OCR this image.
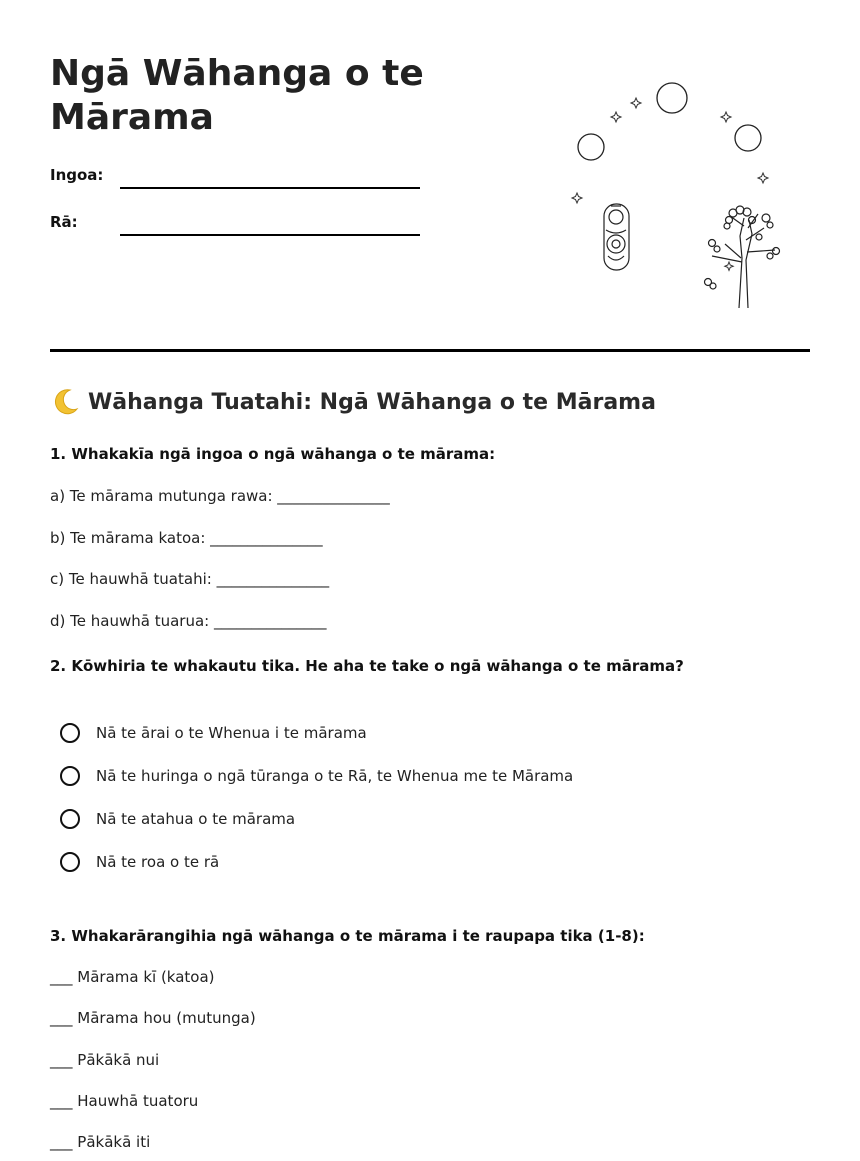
Ngā Wāhanga o te Mārama
Ingoa:
Rā:
Wāhanga Tuatahi: Ngā Wāhanga o te Mārama
1. Whakakīa ngā ingoa o ngā wāhanga o te mārama:
a) Te mārama mutunga rawa: _______________
b) Te mārama katoa: _______________
c) Te hauwhā tuatahi: _______________
d) Te hauwhā tuarua: _______________
2. Kōwhiria te whakautu tika. He aha te take o ngā wāhanga o te mārama?
Nā te ārai o te Whenua i te mārama
Nā te huringa o ngā tūranga o te Rā, te Whenua me te Mārama
Nā te atahua o te mārama
Nā te roa o te rā
3. Whakarārangihia ngā wāhanga o te mārama i te raupapa tika (1-8):
___ Mārama kī (katoa)
___ Mārama hou (mutunga)
___ Pākākā nui
___ Hauwhā tuatoru
___ Pākākā iti
